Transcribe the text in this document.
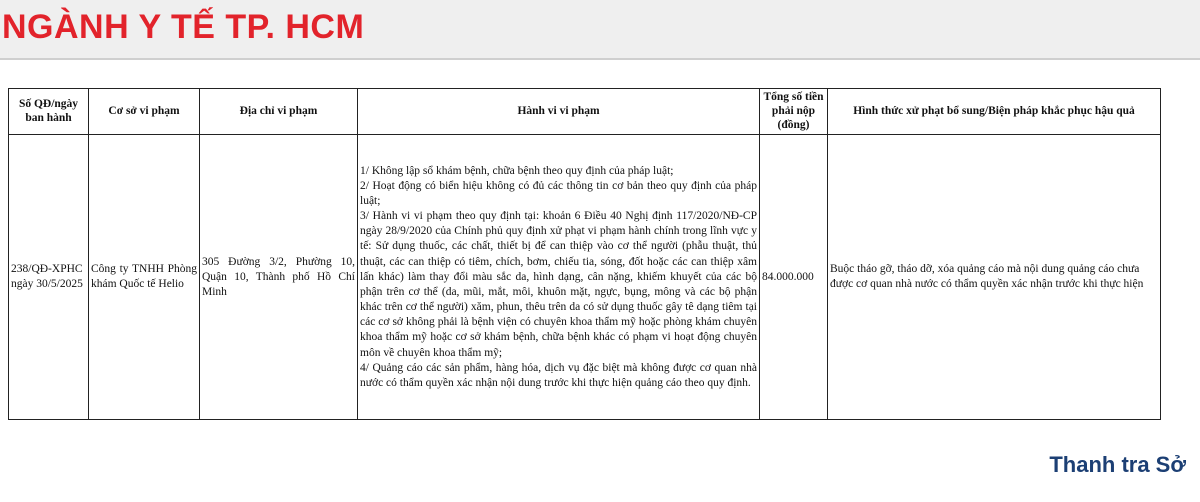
NGÀNH Y TẾ TP. HCM
Số QĐ/ngày ban hành	Cơ sở vi phạm	Địa chỉ vi phạm	Hành vi vi phạm	Tổng số tiền phải nộp (đồng)	Hình thức xử phạt bổ sung/Biện pháp khắc phục hậu quả
238/QĐ-XPHC ngày 30/5/2025	Công ty TNHH Phòng khám Quốc tế Helio	305 Đường 3/2, Phường 10, Quận 10, Thành phố Hồ Chí Minh	1/ Không lập sổ khám bệnh, chữa bệnh theo quy định của pháp luật;
2/ Hoạt động có biển hiệu không có đủ các thông tin cơ bản theo quy định của pháp luật;
3/ Hành vi vi phạm theo quy định tại: khoản 6 Điều 40 Nghị định 117/2020/NĐ-CP ngày 28/9/2020 của Chính phủ quy định xử phạt vi phạm hành chính trong lĩnh vực y tế: Sử dụng thuốc, các chất, thiết bị để can thiệp vào cơ thể người (phẫu thuật, thủ thuật, các can thiệp có tiêm, chích, bơm, chiếu tia, sóng, đốt hoặc các can thiệp xâm lấn khác) làm thay đổi màu sắc da, hình dạng, cân nặng, khiếm khuyết của các bộ phận trên cơ thể (da, mũi, mắt, môi, khuôn mặt, ngực, bụng, mông và các bộ phận khác trên cơ thể người) xăm, phun, thêu trên da có sử dụng thuốc gây tê dạng tiêm tại các cơ sở không phải là bệnh viện có chuyên khoa thẩm mỹ hoặc phòng khám chuyên khoa thẩm mỹ hoặc cơ sở khám bệnh, chữa bệnh khác có phạm vi hoạt động chuyên môn về chuyên khoa thẩm mỹ;
4/ Quảng cáo các sản phẩm, hàng hóa, dịch vụ đặc biệt mà không được cơ quan nhà nước có thẩm quyền xác nhận nội dung trước khi thực hiện quảng cáo theo quy định.	84.000.000	Buộc tháo gỡ, tháo dỡ, xóa quảng cáo mà nội dung quảng cáo chưa được cơ quan nhà nước có thẩm quyền xác nhận trước khi thực hiện
Thanh tra Sở
